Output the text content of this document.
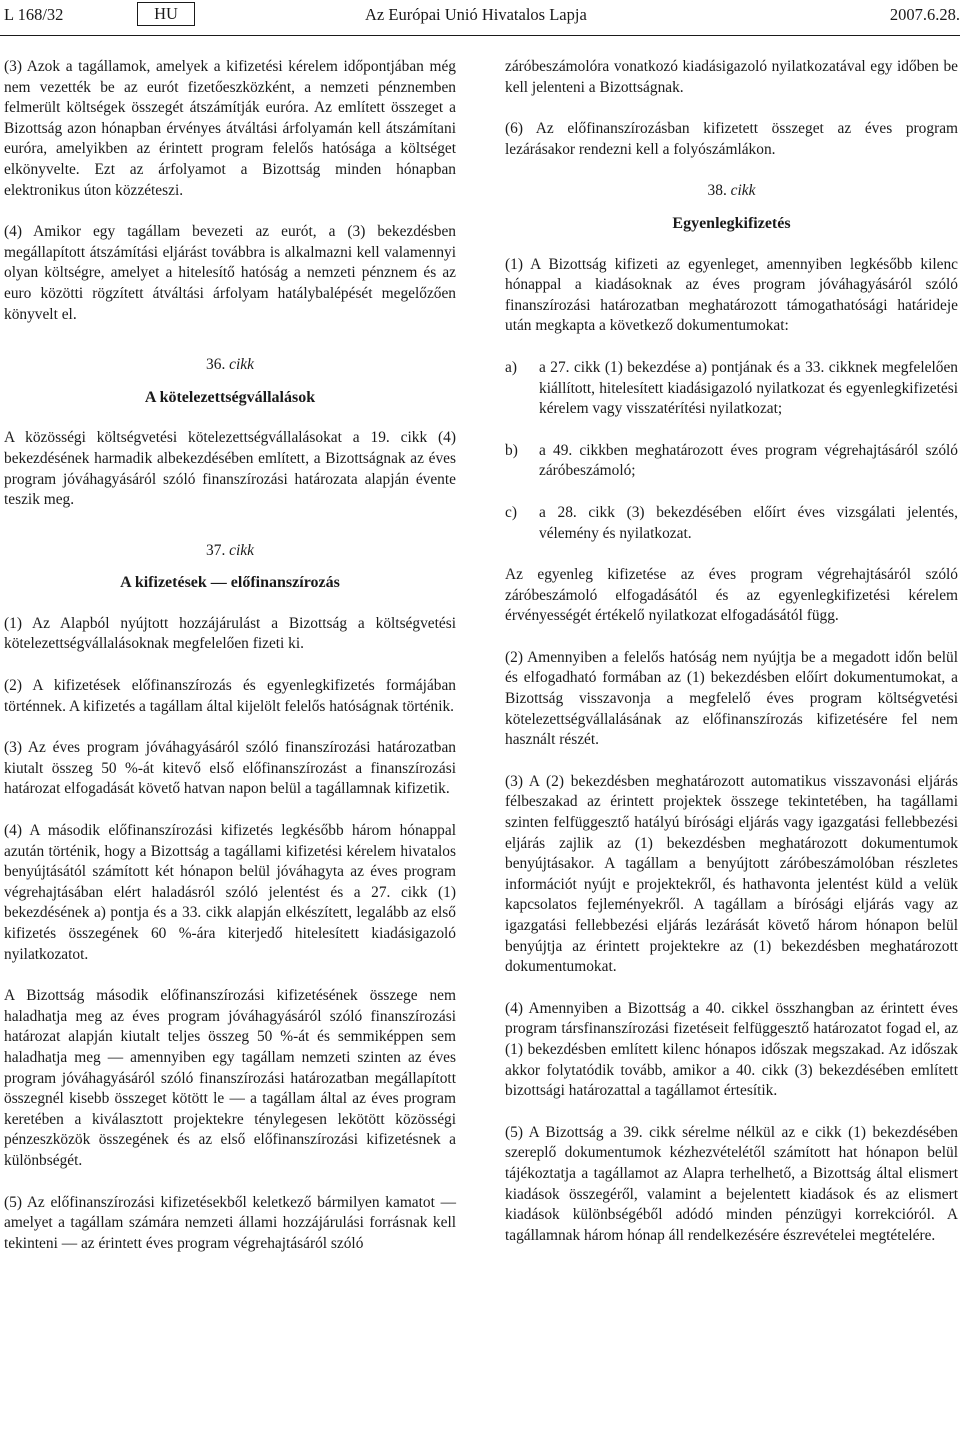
L 168/32	HU	Az Európai Unió Hivatalos Lapja	2007.6.28.

(3) Azok a tagállamok, amelyek a kifizetési kérelem időpontjában még nem vezették be az eurót fizetőeszközként, a nemzeti pénznemben felmerült költségek összegét átszámítják euróra. Az említett összeget a Bizottság azon hónapban érvényes átváltási árfolyamán kell átszámítani euróra, amelyikben az érintett program felelős hatósága a költséget elkönyvelte. Ezt az árfolyamot a Bizottság minden hónapban elektronikus úton közzéteszi.

(4) Amikor egy tagállam bevezeti az eurót, a (3) bekezdésben megállapított átszámítási eljárást továbbra is alkalmazni kell valamennyi olyan költségre, amelyet a hitelesítő hatóság a nemzeti pénznem és az euro közötti rögzített átváltási árfolyam hatálybalépését megelőzően könyvelt el.

36. cikk
A kötelezettségvállalások

A közösségi költségvetési kötelezettségvállalásokat a 19. cikk (4) bekezdésének harmadik albekezdésében említett, a Bizottságnak az éves program jóváhagyásáról szóló finanszírozási határozata alapján évente teszik meg.

37. cikk
A kifizetések — előfinanszírozás

(1) Az Alapból nyújtott hozzájárulást a Bizottság a költségvetési kötelezettségvállalásoknak megfelelően fizeti ki.

(2) A kifizetések előfinanszírozás és egyenlegkifizetés formájában történnek. A kifizetés a tagállam által kijelölt felelős hatóságnak történik.

(3) Az éves program jóváhagyásáról szóló finanszírozási határozatban kiutalt összeg 50 %-át kitevő első előfinanszírozást a finanszírozási határozat elfogadását követő hatvan napon belül a tagállamnak kifizetik.

(4) A második előfinanszírozási kifizetés legkésőbb három hónappal azután történik, hogy a Bizottság a tagállami kifizetési kérelem hivatalos benyújtásától számított két hónapon belül jóváhagyta az éves program végrehajtásában elért haladásról szóló jelentést és a 27. cikk (1) bekezdésének a) pontja és a 33. cikk alapján elkészített, legalább az első kifizetés összegének 60 %-ára kiterjedő hitelesített kiadásigazoló nyilatkozatot.

A Bizottság második előfinanszírozási kifizetésének összege nem haladhatja meg az éves program jóváhagyásáról szóló finanszírozási határozat alapján kiutalt teljes összeg 50 %-át és semmiképpen sem haladhatja meg — amennyiben egy tagállam nemzeti szinten az éves program jóváhagyásáról szóló finanszírozási határozatban megállapított összegnél kisebb összeget kötött le — a tagállam által az éves program keretében a kiválasztott projektekre ténylegesen lekötött közösségi pénzeszközök összegének és az első előfinanszírozási kifizetésnek a különbségét.

(5) Az előfinanszírozási kifizetésekből keletkező bármilyen kamatot — amelyet a tagállam számára nemzeti állami hozzájárulási forrásnak kell tekinteni — az érintett éves program végrehajtásáról szóló

záróbeszámolóra vonatkozó kiadásigazoló nyilatkozatával egy időben be kell jelenteni a Bizottságnak.

(6) Az előfinanszírozásban kifizetett összeget az éves program lezárásakor rendezni kell a folyószámlákon.

38. cikk
Egyenlegkifizetés

(1) A Bizottság kifizeti az egyenleget, amennyiben legkésőbb kilenc hónappal a kiadásoknak az éves program jóváhagyásáról szóló finanszírozási határozatban meghatározott támogathatósági határideje után megkapta a következő dokumentumokat:

a)	a 27. cikk (1) bekezdése a) pontjának és a 33. cikknek megfelelően kiállított, hitelesített kiadásigazoló nyilatkozat és egyenlegkifizetési kérelem vagy visszatérítési nyilatkozat;
b)	a 49. cikkben meghatározott éves program végrehajtásáról szóló záróbeszámoló;
c)	a 28. cikk (3) bekezdésében előírt éves vizsgálati jelentés, vélemény és nyilatkozat.

Az egyenleg kifizetése az éves program végrehajtásáról szóló záróbeszámoló elfogadásától és az egyenlegkifizetési kérelem érvényességét értékelő nyilatkozat elfogadásától függ.

(2) Amennyiben a felelős hatóság nem nyújtja be a megadott időn belül és elfogadható formában az (1) bekezdésben előírt dokumentumokat, a Bizottság visszavonja a megfelelő éves program költségvetési kötelezettségvállalásának az előfinanszírozás kifizetésére fel nem használt részét.

(3) A (2) bekezdésben meghatározott automatikus visszavonási eljárás félbeszakad az érintett projektek összege tekintetében, ha tagállami szinten felfüggesztő hatályú bírósági eljárás vagy igazgatási fellebbezési eljárás zajlik az (1) bekezdésben meghatározott dokumentumok benyújtásakor. A tagállam a benyújtott záróbeszámolóban részletes információt nyújt e projektekről, és hathavonta jelentést küld a velük kapcsolatos fejleményekről. A tagállam a bírósági eljárás vagy az igazgatási fellebbezési eljárás lezárását követő három hónapon belül benyújtja az érintett projektekre az (1) bekezdésben meghatározott dokumentumokat.

(4) Amennyiben a Bizottság a 40. cikkel összhangban az érintett éves program társfinanszírozási fizetéseit felfüggesztő határozatot fogad el, az (1) bekezdésben említett kilenc hónapos időszak megszakad. Az időszak akkor folytatódik tovább, amikor a 40. cikk (3) bekezdésében említett bizottsági határozattal a tagállamot értesítik.

(5) A Bizottság a 39. cikk sérelme nélkül az e cikk (1) bekezdésében szereplő dokumentumok kézhezvételétől számított hat hónapon belül tájékoztatja a tagállamot az Alapra terhelhető, a Bizottság által elismert kiadások összegéről, valamint a bejelentett kiadások és az elismert kiadások különbségéből adódó minden pénzügyi korrekcióról. A tagállamnak három hónap áll rendelkezésére észrevételei megtételére.
